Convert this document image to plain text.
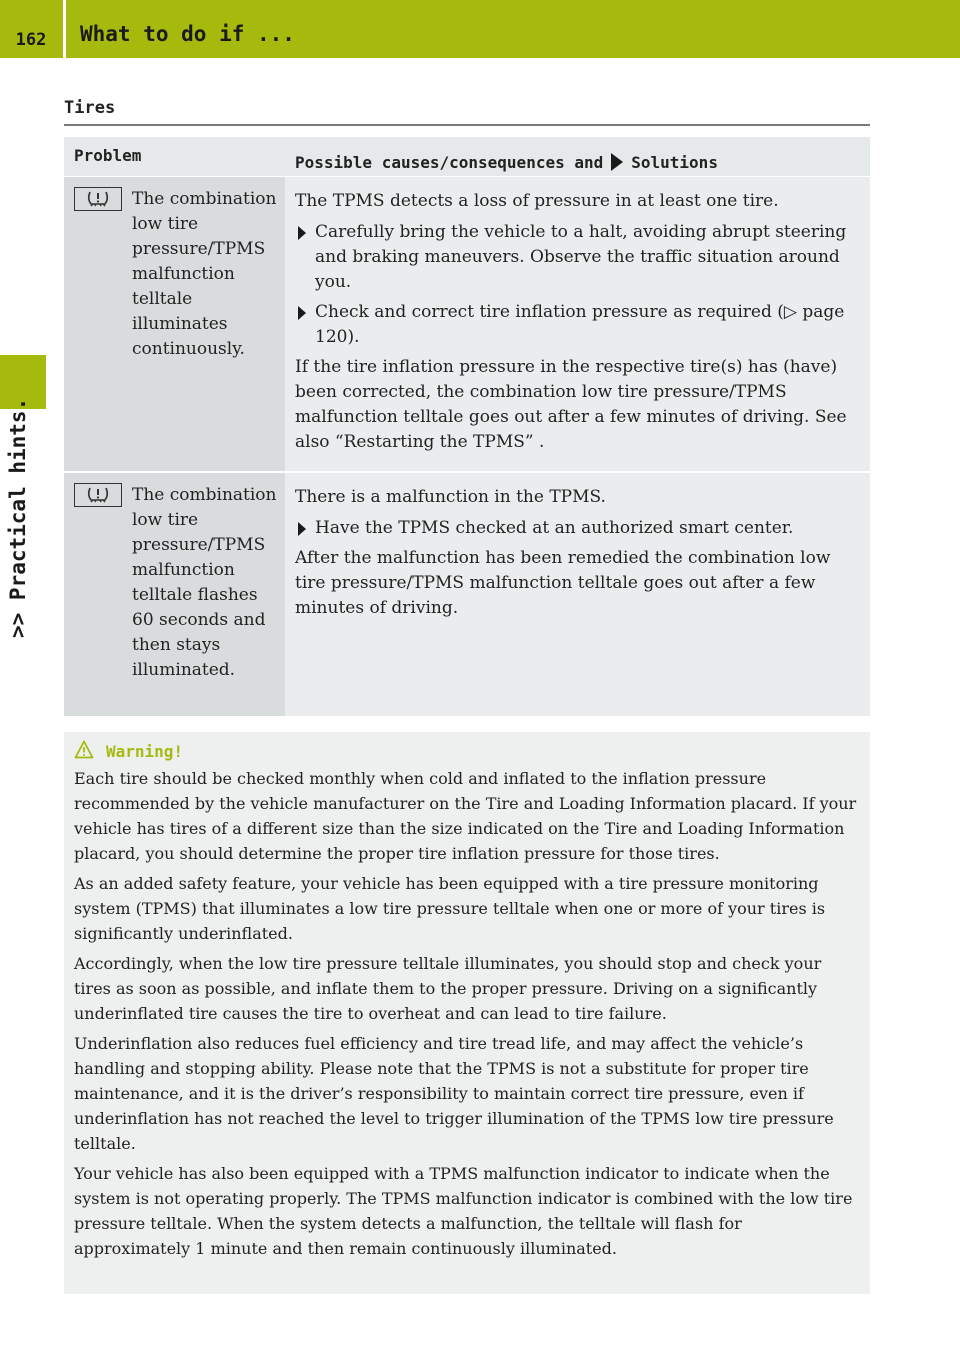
162	What to do if ...
>> Practical hints.
Tires
Problem	Possible causes/consequences and Solutions
The combination low tire pressure/TPMS malfunction telltale illuminates continuously.

The TPMS detects a loss of pressure in at least one tire.

Carefully bring the vehicle to a halt, avoiding abrupt steering and braking maneuvers. Observe the traffic situation around you.
Check and correct tire inflation pressure as required (▷ page 120).

If the tire inflation pressure in the respective tire(s) has (have) been corrected, the combination low tire pressure/TPMS malfunction telltale goes out after a few minutes of driving. See also “Restarting the TPMS” .

The combination low tire pressure/TPMS malfunction telltale flashes 60 seconds and then stays illuminated.

There is a malfunction in the TPMS.

Have the TPMS checked at an authorized smart center.

After the malfunction has been remedied the combination low tire pressure/TPMS malfunction telltale goes out after a few minutes of driving.

Warning!

Each tire should be checked monthly when cold and inflated to the inflation pressure recommended by the vehicle manufacturer on the Tire and Loading Information placard. If your vehicle has tires of a different size than the size indicated on the Tire and Loading Information placard, you should determine the proper tire inflation pressure for those tires.

As an added safety feature, your vehicle has been equipped with a tire pressure monitoring system (TPMS) that illuminates a low tire pressure telltale when one or more of your tires is significantly underinflated.

Accordingly, when the low tire pressure telltale illuminates, you should stop and check your tires as soon as possible, and inflate them to the proper pressure. Driving on a significantly underinflated tire causes the tire to overheat and can lead to tire failure.

Underinflation also reduces fuel efficiency and tire tread life, and may affect the vehicle’s handling and stopping ability. Please note that the TPMS is not a substitute for proper tire maintenance, and it is the driver’s responsibility to maintain correct tire pressure, even if underinflation has not reached the level to trigger illumination of the TPMS low tire pressure telltale.

Your vehicle has also been equipped with a TPMS malfunction indicator to indicate when the system is not operating properly. The TPMS malfunction indicator is combined with the low tire pressure telltale. When the system detects a malfunction, the telltale will flash for approximately 1 minute and then remain continuously illuminated.
